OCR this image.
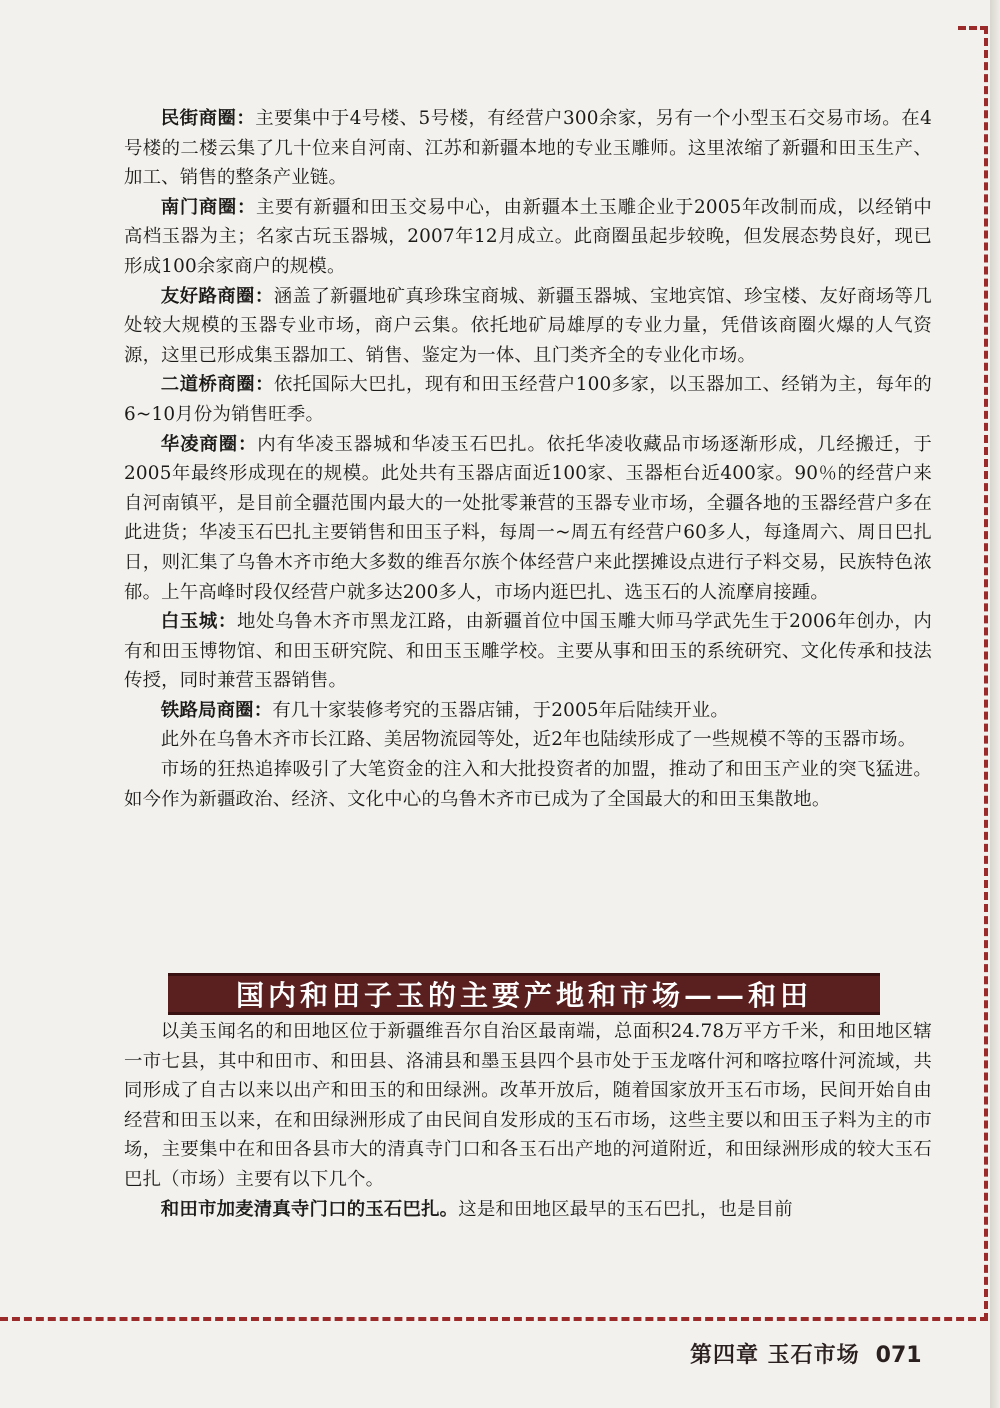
民街商圈：主要集中于4号楼、5号楼，有经营户300余家，另有一个小型玉石交易市场。在4号楼的二楼云集了几十位来自河南、江苏和新疆本地的专业玉雕师。这里浓缩了新疆和田玉生产、加工、销售的整条产业链。

南门商圈：主要有新疆和田玉交易中心，由新疆本土玉雕企业于2005年改制而成，以经销中高档玉器为主；名家古玩玉器城，2007年12月成立。此商圈虽起步较晚，但发展态势良好，现已形成100余家商户的规模。

友好路商圈：涵盖了新疆地矿真珍珠宝商城、新疆玉器城、宝地宾馆、珍宝楼、友好商场等几处较大规模的玉器专业市场，商户云集。依托地矿局雄厚的专业力量，凭借该商圈火爆的人气资源，这里已形成集玉器加工、销售、鉴定为一体、且门类齐全的专业化市场。

二道桥商圈：依托国际大巴扎，现有和田玉经营户100多家，以玉器加工、经销为主，每年的6~10月份为销售旺季。

华凌商圈：内有华凌玉器城和华凌玉石巴扎。依托华凌收藏品市场逐渐形成，几经搬迁，于2005年最终形成现在的规模。此处共有玉器店面近100家、玉器柜台近400家。90％的经营户来自河南镇平，是目前全疆范围内最大的一处批零兼营的玉器专业市场，全疆各地的玉器经营户多在此进货；华凌玉石巴扎主要销售和田玉子料，每周一~周五有经营户60多人，每逢周六、周日巴扎日，则汇集了乌鲁木齐市绝大多数的维吾尔族个体经营户来此摆摊设点进行子料交易，民族特色浓郁。上午高峰时段仅经营户就多达200多人，市场内逛巴扎、选玉石的人流摩肩接踵。

白玉城：地处乌鲁木齐市黑龙江路，由新疆首位中国玉雕大师马学武先生于2006年创办，内有和田玉博物馆、和田玉研究院、和田玉玉雕学校。主要从事和田玉的系统研究、文化传承和技法传授，同时兼营玉器销售。

铁路局商圈：有几十家装修考究的玉器店铺，于2005年后陆续开业。

此外在乌鲁木齐市长江路、美居物流园等处，近2年也陆续形成了一些规模不等的玉器市场。

市场的狂热追捧吸引了大笔资金的注入和大批投资者的加盟，推动了和田玉产业的突飞猛进。如今作为新疆政治、经济、文化中心的乌鲁木齐市已成为了全国最大的和田玉集散地。

国内和田子玉的主要产地和市场——和田

以美玉闻名的和田地区位于新疆维吾尔自治区最南端，总面积24.78万平方千米，和田地区辖一市七县，其中和田市、和田县、洛浦县和墨玉县四个县市处于玉龙喀什河和喀拉喀什河流域，共同形成了自古以来以出产和田玉的和田绿洲。改革开放后，随着国家放开玉石市场，民间开始自由经营和田玉以来，在和田绿洲形成了由民间自发形成的玉石市场，这些主要以和田玉子料为主的市场，主要集中在和田各县市大的清真寺门口和各玉石出产地的河道附近，和田绿洲形成的较大玉石巴扎（市场）主要有以下几个。

和田市加麦清真寺门口的玉石巴扎。这是和田地区最早的玉石巴扎，也是目前

第四章 玉石市场 071
